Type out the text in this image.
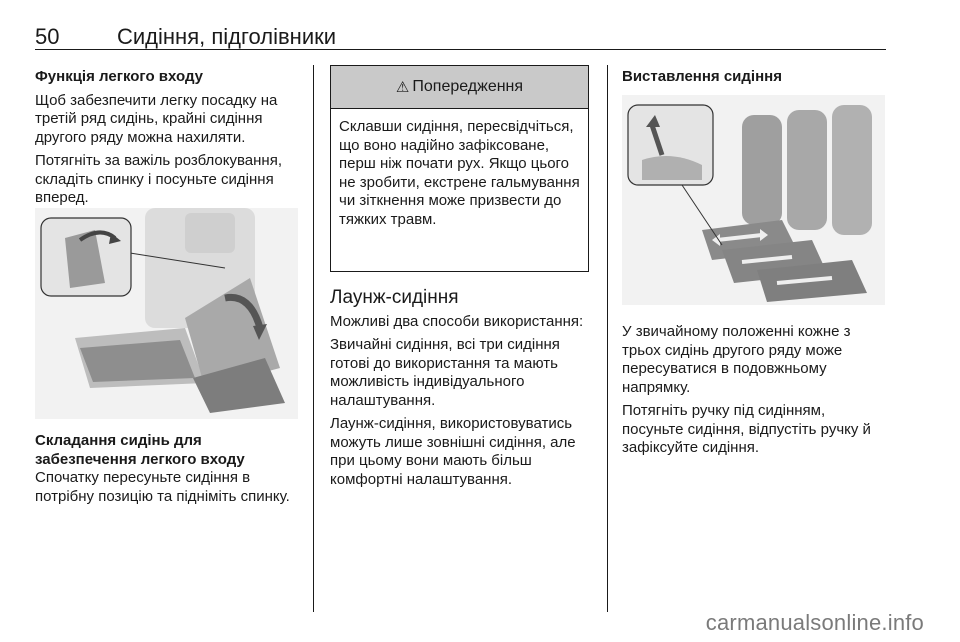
50	Сидіння, підголівники

Функція легкого входу

Щоб забезпечити легку посадку на третій ряд сидінь, крайні сидіння другого ряду можна нахиляти.

Потягніть за важіль розблокування, складіть спинку і посуньте сидіння вперед.

Складання сидінь для забезпечення легкого входу

Спочатку пересуньте сидіння в потрібну позицію та підніміть спинку.

⚠ Попередження
Склавши сидіння, пересвідчіться, що воно надійно зафіксоване, перш ніж почати рух. Якщо цього не зробити, екстрене гальмування чи зіткнення може призвести до тяжких травм.

Лаунж-сидіння

Можливі два способи використання:

Звичайні сидіння, всі три сидіння готові до використання та мають можливість індивідуального налаштування.

Лаунж-сидіння, використовуватись можуть лише зовнішні сидіння, але при цьому вони мають більш комфортні налаштування.

Виставлення сидіння

У звичайному положенні кожне з трьох сидінь другого ряду може пересуватися в подовжньому напрямку.

Потягніть ручку під сидінням, посуньте сидіння, відпустіть ручку й зафіксуйте сидіння.

carmanualsonline.info
